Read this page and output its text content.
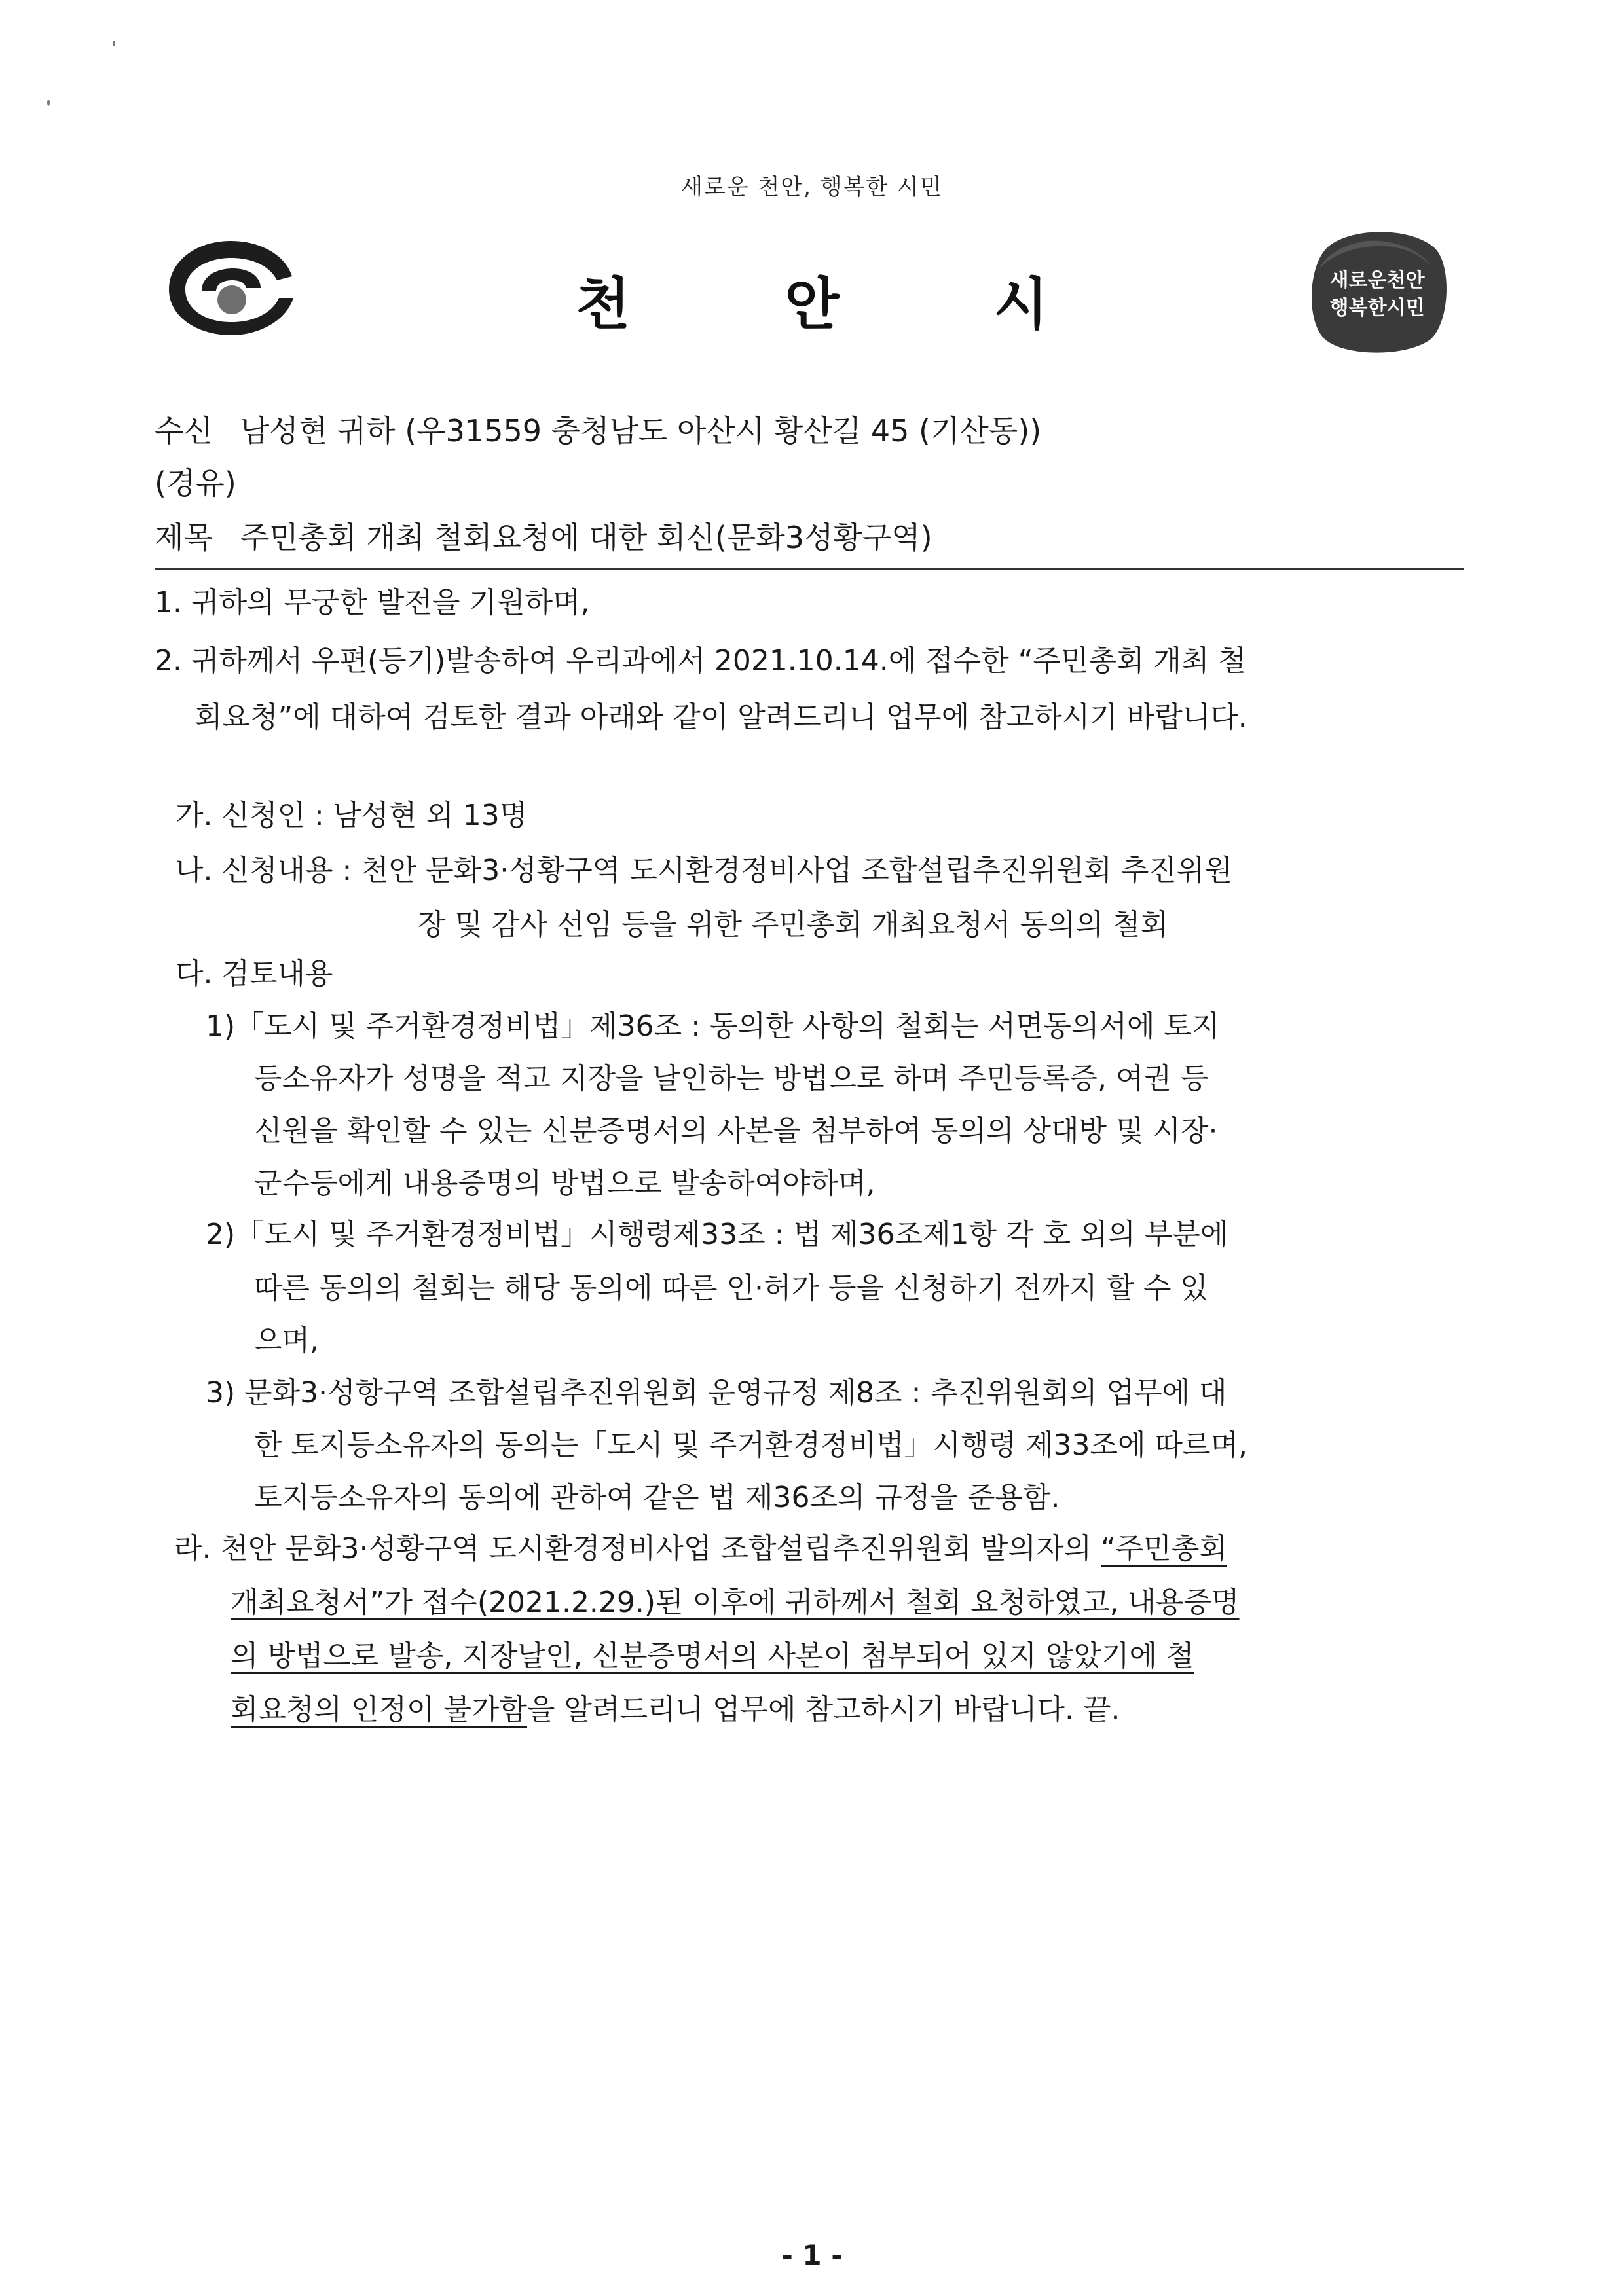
새로운 천안, 행복한 시민
천	안	시	새로운천안
행복한시민
수신 남성현 귀하 (우31559 충청남도 아산시 황산길 45 (기산동))
(경유)
제목 주민총회 개최 철회요청에 대한 회신(문화3성황구역)
1. 귀하의 무궁한 발전을 기원하며,
2. 귀하께서 우편(등기)발송하여 우리과에서 2021.10.14.에 접수한 “주민총회 개최 철
회요청”에 대하여 검토한 결과 아래와 같이 알려드리니 업무에 참고하시기 바랍니다.
가. 신청인 : 남성현 외 13명
나. 신청내용 : 천안 문화3·성황구역 도시환경정비사업 조합설립추진위원회 추진위원
장 및 감사 선임 등을 위한 주민총회 개최요청서 동의의 철회
다. 검토내용
1)「도시 및 주거환경정비법」제36조 : 동의한 사항의 철회는 서면동의서에 토지
등소유자가 성명을 적고 지장을 날인하는 방법으로 하며 주민등록증, 여권 등
신원을 확인할 수 있는 신분증명서의 사본을 첨부하여 동의의 상대방 및 시장·
군수등에게 내용증명의 방법으로 발송하여야하며,
2)「도시 및 주거환경정비법」시행령제33조 : 법 제36조제1항 각 호 외의 부분에
따른 동의의 철회는 해당 동의에 따른 인·허가 등을 신청하기 전까지 할 수 있
으며,
3) 문화3·성항구역 조합설립추진위원회 운영규정 제8조 : 추진위원회의 업무에 대
한 토지등소유자의 동의는「도시 및 주거환경정비법」시행령 제33조에 따르며,
토지등소유자의 동의에 관하여 같은 법 제36조의 규정을 준용함.
라. 천안 문화3·성황구역 도시환경정비사업 조합설립추진위원회 발의자의 “주민총회
개최요청서”가 접수(2021.2.29.)된 이후에 귀하께서 철회 요청하였고, 내용증명
의 방법으로 발송, 지장날인, 신분증명서의 사본이 첨부되어 있지 않았기에 철
회요청의 인정이 불가함을 알려드리니 업무에 참고하시기 바랍니다. 끝.
- 1 -
